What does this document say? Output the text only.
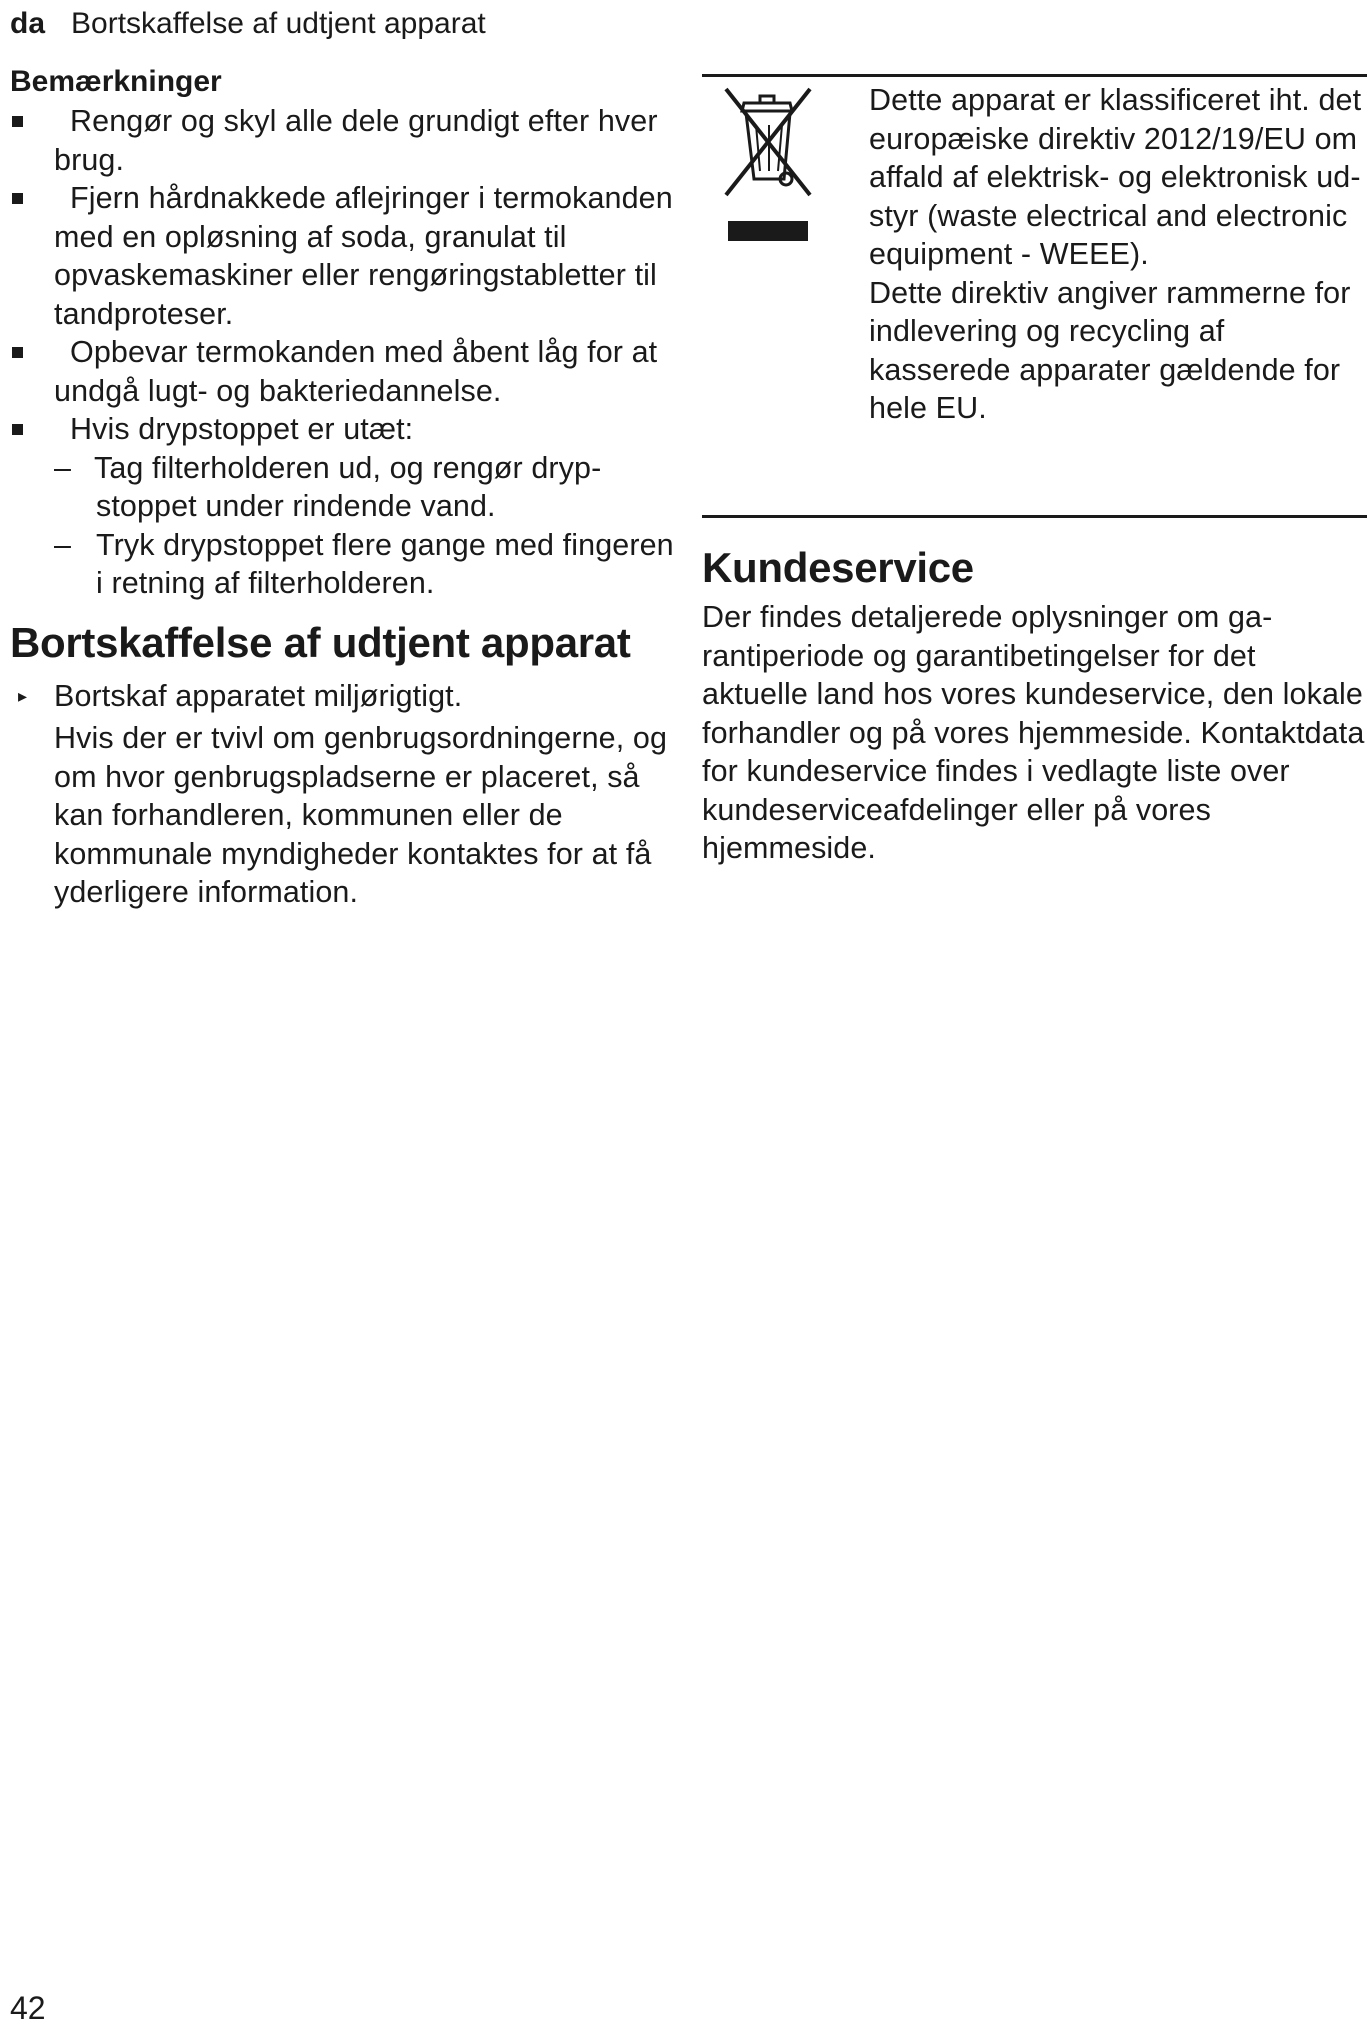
da Bortskaffelse af udtjent apparat
Bemærkninger
Rengør og skyl alle dele grundigt efter hver brug.
Fjern hårdnakkede aflejringer i termokanden med en opløsning af soda, granulat til opvaskemaskiner eller rengøringstabletter til tandproteser.
Opbevar termokanden med åbent låg for at undgå lugt- og bakteriedannelse.
Hvis drypstoppet er utæt:
– Tag filterholderen ud, og rengør drypstoppet under rindende vand.
– Tryk drypstoppet flere gange med fingeren i retning af filterholderen.
Bortskaffelse af udtjent apparat
▸ Bortskaf apparatet miljørigtigt.
Hvis der er tvivl om genbrugsordningerne, og om hvor genbrugspladserne er placeret, så kan forhandleren, kommunen eller de kommunale myndigheder kontaktes for at få yderligere information.
Dette apparat er klassificeret iht. det europæiske direktiv 2012/19/EU om affald af elektrisk- og elektronisk udstyr (waste electrical and electronic equipment - WEEE).
Dette direktiv angiver rammerne for indlevering og recycling af kasserede apparater gældende for hele EU.
Kundeservice
Der findes detaljerede oplysninger om garantiperiode og garantibetingelser for det aktuelle land hos vores kundeservice, den lokale forhandler og på vores hjemmeside. Kontaktdata for kundeservice findes i vedlagte liste over kundeserviceafdelinger eller på vores hjemmeside.
42
